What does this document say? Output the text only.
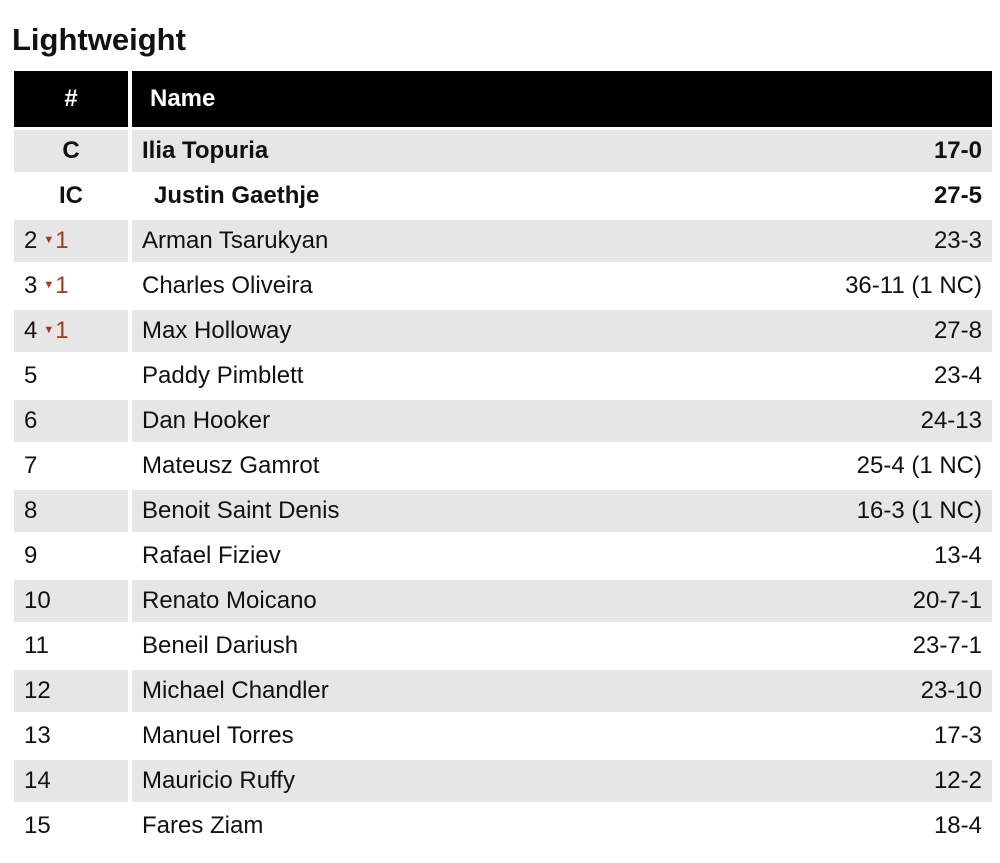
Lightweight
#	Name	
C	Ilia Topuria	17-0
IC	Justin Gaethje	27-5
2 ▼1	Arman Tsarukyan	23-3
3 ▼1	Charles Oliveira	36-11 (1 NC)
4 ▼1	Max Holloway	27-8
5	Paddy Pimblett	23-4
6	Dan Hooker	24-13
7	Mateusz Gamrot	25-4 (1 NC)
8	Benoit Saint Denis	16-3 (1 NC)
9	Rafael Fiziev	13-4
10	Renato Moicano	20-7-1
11	Beneil Dariush	23-7-1
12	Michael Chandler	23-10
13	Manuel Torres	17-3
14	Mauricio Ruffy	12-2
15	Fares Ziam	18-4
